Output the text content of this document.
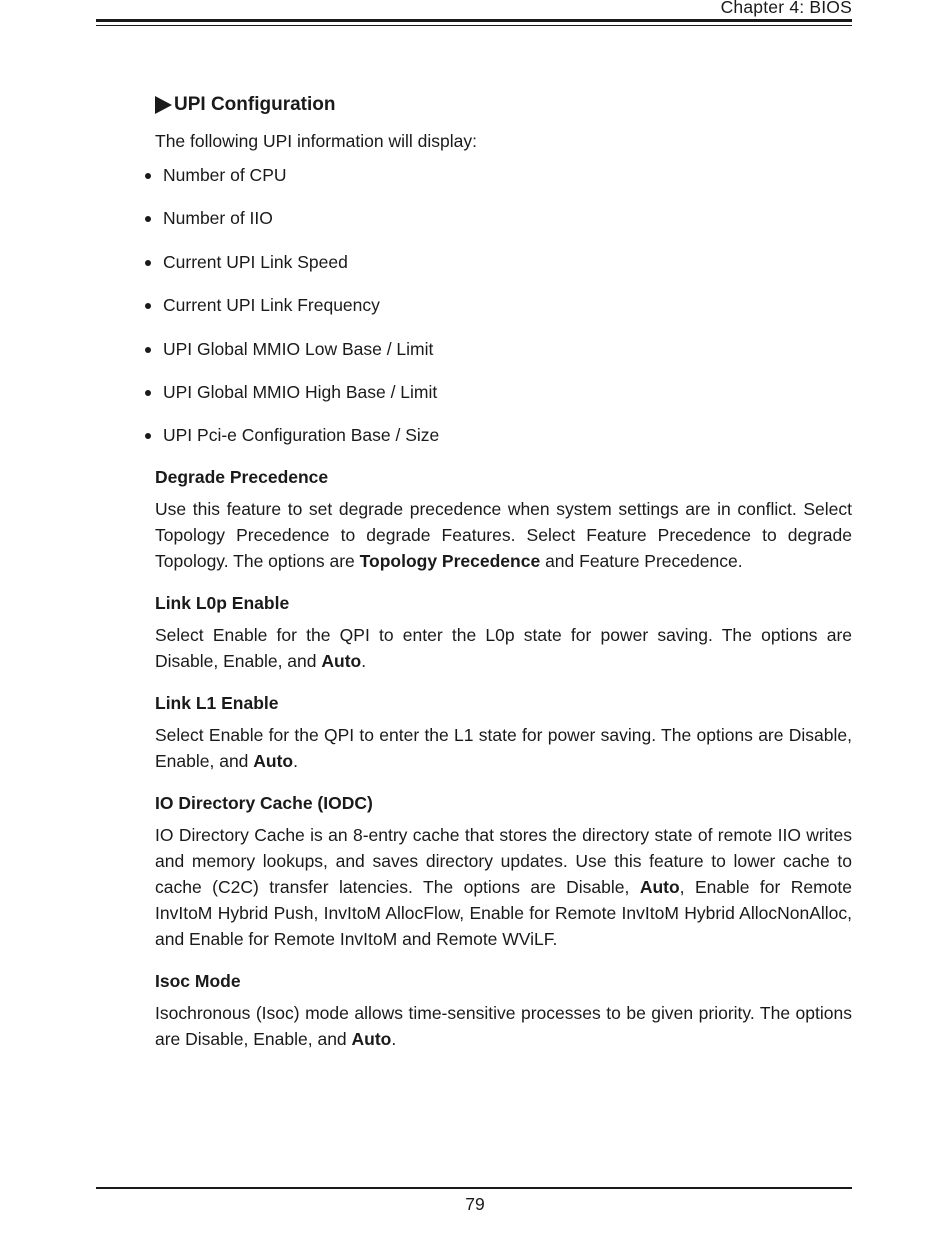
Chapter 4: BIOS
UPI Configuration

The following UPI information will display:

Number of CPU
Number of IIO
Current UPI Link Speed
Current UPI Link Frequency
UPI Global MMIO Low Base / Limit
UPI Global MMIO High Base / Limit
UPI Pci-e Configuration Base / Size
Degrade Precedence

Use this feature to set degrade precedence when system settings are in conflict. Select Topology Precedence to degrade Features. Select Feature Precedence to degrade Topology. The options are Topology Precedence and Feature Precedence.

Link L0p Enable

Select Enable for the QPI to enter the L0p state for power saving. The options are Disable, Enable, and Auto.

Link L1 Enable

Select Enable for the QPI to enter the L1 state for power saving. The options are Disable, Enable, and Auto.

IO Directory Cache (IODC)

IO Directory Cache is an 8-entry cache that stores the directory state of remote IIO writes and memory lookups, and saves directory updates. Use this feature to lower cache to cache (C2C) transfer latencies. The options are Disable, Auto, Enable for Remote InvItoM Hybrid Push, InvItoM AllocFlow, Enable for Remote InvItoM Hybrid AllocNonAlloc, and Enable for Remote InvItoM and Remote WViLF.

Isoc Mode

Isochronous (Isoc) mode allows time-sensitive processes to be given priority. The options are Disable, Enable, and Auto.

79
